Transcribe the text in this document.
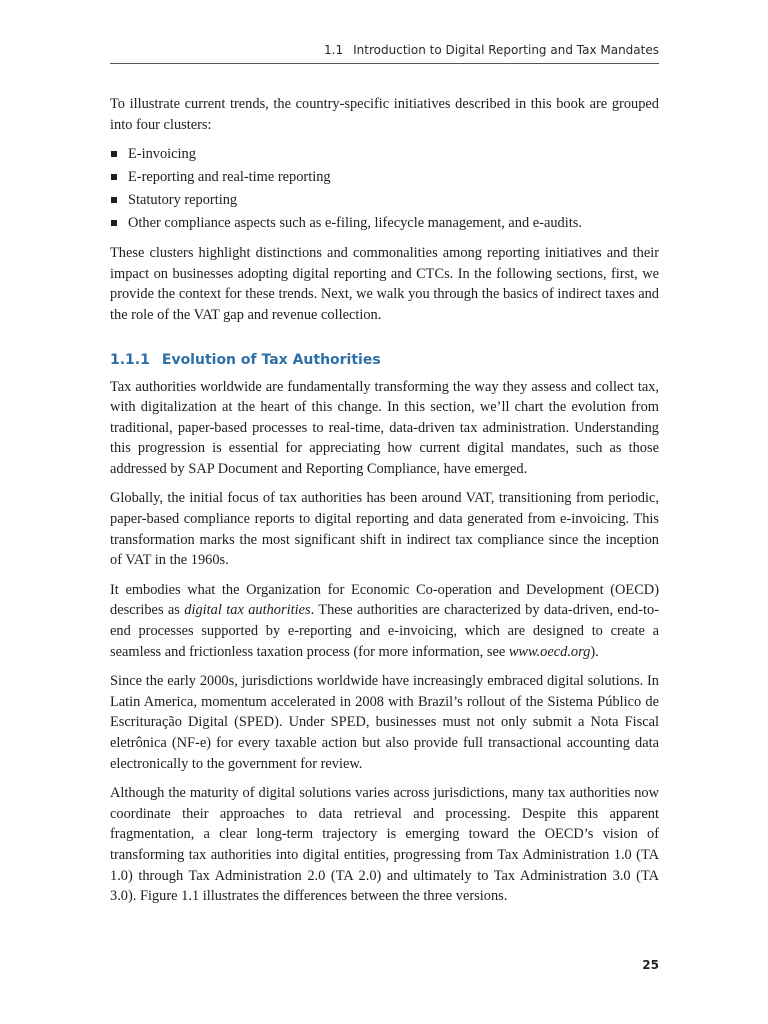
1.1 Introduction to Digital Reporting and Tax Mandates

To illustrate current trends, the country-specific initiatives described in this book are grouped into four clusters:

E-invoicing
E-reporting and real-time reporting
Statutory reporting
Other compliance aspects such as e-filing, lifecycle management, and e-audits.

These clusters highlight distinctions and commonalities among reporting initiatives and their impact on businesses adopting digital reporting and CTCs. In the following sections, first, we provide the context for these trends. Next, we walk you through the basics of indirect taxes and the role of the VAT gap and revenue collection.

1.1.1 Evolution of Tax Authorities

Tax authorities worldwide are fundamentally transforming the way they assess and collect tax, with digitalization at the heart of this change. In this section, we’ll chart the evolution from traditional, paper-based processes to real-time, data-driven tax administration. Understanding this progression is essential for appreciating how current digital mandates, such as those addressed by SAP Document and Reporting Compliance, have emerged.

Globally, the initial focus of tax authorities has been around VAT, transitioning from periodic, paper-based compliance reports to digital reporting and data generated from e-invoicing. This transformation marks the most significant shift in indirect tax compliance since the inception of VAT in the 1960s.

It embodies what the Organization for Economic Co-operation and Development (OECD) describes as digital tax authorities. These authorities are characterized by data-driven, end-to-end processes supported by e-reporting and e-invoicing, which are designed to create a seamless and frictionless taxation process (for more information, see www.oecd.org).

Since the early 2000s, jurisdictions worldwide have increasingly embraced digital solutions. In Latin America, momentum accelerated in 2008 with Brazil’s rollout of the Sistema Público de Escrituração Digital (SPED). Under SPED, businesses must not only submit a Nota Fiscal eletrônica (NF-e) for every taxable action but also provide full transactional accounting data electronically to the government for review.

Although the maturity of digital solutions varies across jurisdictions, many tax authorities now coordinate their approaches to data retrieval and processing. Despite this apparent fragmentation, a clear long-term trajectory is emerging toward the OECD’s vision of transforming tax authorities into digital entities, progressing from Tax Administration 1.0 (TA 1.0) through Tax Administration 2.0 (TA 2.0) and ultimately to Tax Administration 3.0 (TA 3.0). Figure 1.1 illustrates the differences between the three versions.

25
